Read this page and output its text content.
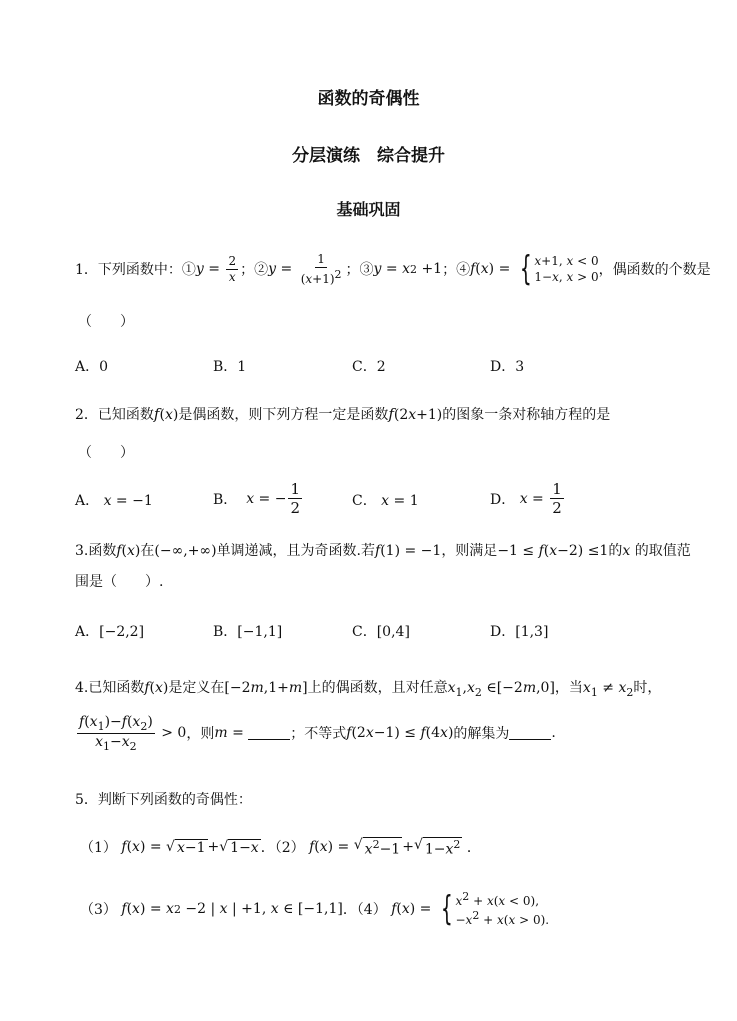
函数的奇偶性
分层演练　综合提升
基础巩固
1．下列函数中：① $y = \frac{2}{x}$ ；② $y = \frac{1}{(x+1)^2}$ ；③ y = x 2 +1 ；④ f ( x ) = { x+1, x < 0
1−x, x > 0 ，偶函数的个数是
（　　）
A．0	B．1	C．2	D．3
2．已知函数f(x)是偶函数，则下列方程一定是函数f(2x+1)的图象一条对称轴方程的是
（　　）
A． x = −1	B．
x = − $\frac{1}{2}$	C． x = 1	D．
$x = \frac{1}{2}$
3.函数f(x)在(−∞,+∞)单调递减，且为奇函数.若f(1) = −1，则满足−1 ≤ f(x−2) ≤1的x 的取值范
围是（　　）.
A．[−2,2]	B．[−1,1]	C．[0,4]	D．[1,3]
4.已知函数f(x)是定义在[−2m,1+m]上的偶函数，且对任意$x_1,x_2$ ∈[−2m,0]，当$x_1 \ne x_2$时，
$\frac{f(x_1)-f(x_2)}{x_1-x_2} > 0$ ，则 m =	；不等式 f (2 x −1) ≤ f (4 x ) 的解集为	.
5．判断下列函数的奇偶性：
（1）
f ( x ) = √ x−1 + √ 1−x ．（2）
f ( x ) = √ $x^2-1$ + √ $1-x^2$
．
（3）
f ( x ) = x 2 −2 | x | +1, x ∈ [−1,1] ．（4）
f ( x ) = { $x^2 + x(x < 0)$,
$-x^2 + x(x > 0)$.
